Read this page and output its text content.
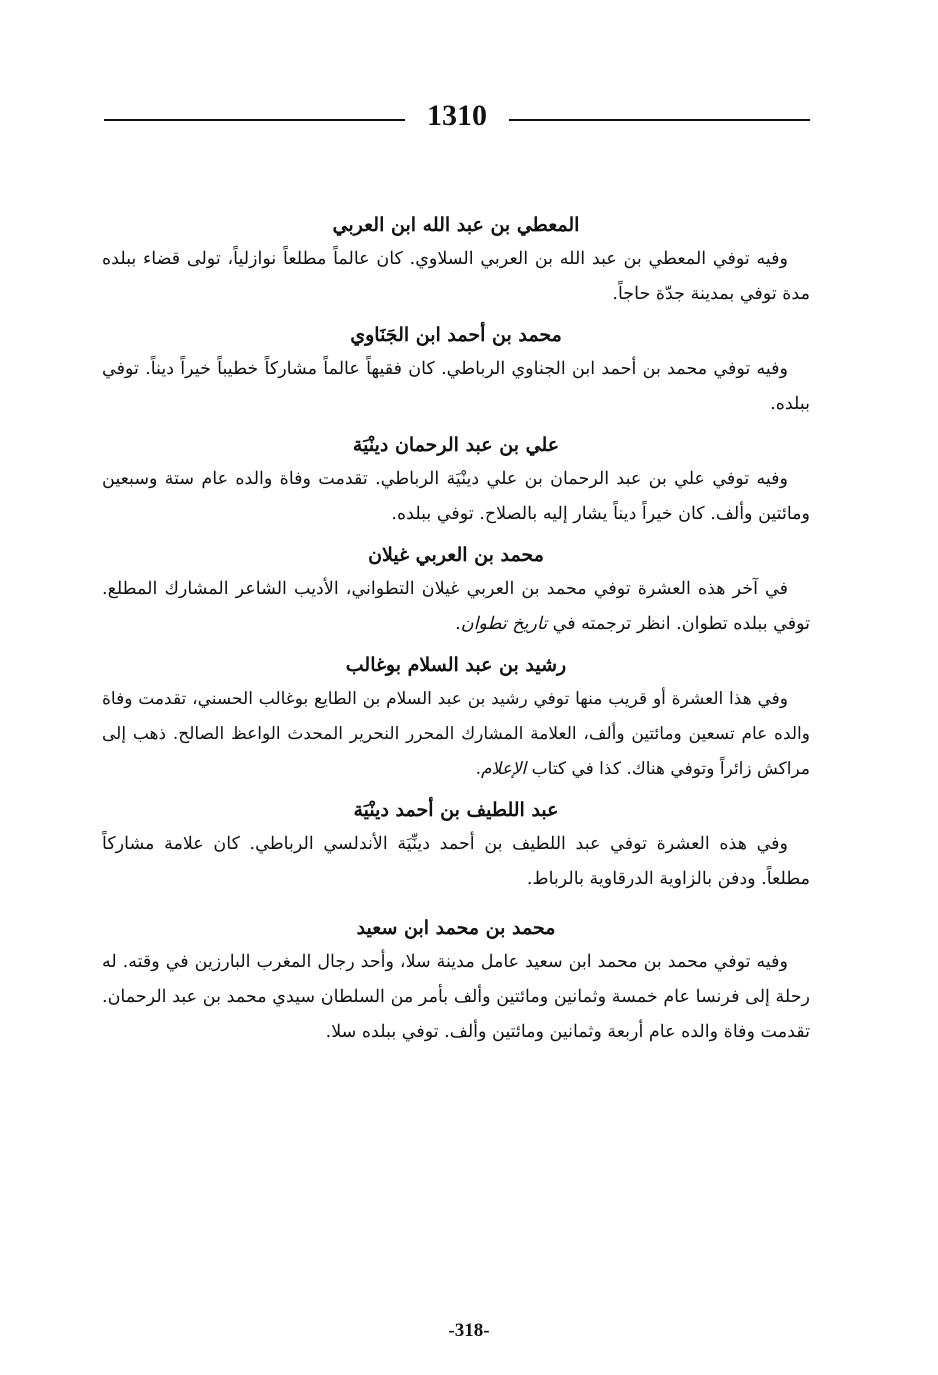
1310

المعطي بن عبد الله ابن العربي

وفيه توفي المعطي بن عبد الله بن العربي السلاوي. كان عالماً مطلعاً نوازلياً، تولى قضاء ببلده مدة توفي بمدينة جدّة حاجاً.

محمد بن أحمد ابن الجَنَاوي

وفيه توفي محمد بن أحمد ابن الجناوي الرباطي. كان فقيهاً عالماً مشاركاً خطيباً خيراً ديناً. توفي ببلده.

علي بن عبد الرحمان دينْيَة

وفيه توفي علي بن عبد الرحمان بن علي دينْيَة الرباطي. تقدمت وفاة والده عام ستة وسبعين ومائتين وألف. كان خيراً ديناً يشار إليه بالصلاح. توفي ببلده.

محمد بن العربي غيلان

في آخر هذه العشرة توفي محمد بن العربي غيلان التطواني، الأديب الشاعر المشارك المطلع. توفي ببلده تطوان. انظر ترجمته في تاريخ تطوان.

رشيد بن عبد السلام بوغالب

وفي هذا العشرة أو قريب منها توفي رشيد بن عبد السلام بن الطايع بوغالب الحسني، تقدمت وفاة والده عام تسعين ومائتين وألف، العلامة المشارك المحرر النحرير المحدث الواعظ الصالح. ذهب إلى مراكش زائراً وتوفي هناك. كذا في كتاب الإعلام.

عبد اللطيف بن أحمد دينْيَة

وفي هذه العشرة توفي عبد اللطيف بن أحمد دينِّيَة الأندلسي الرباطي. كان علامة مشاركاً مطلعاً. ودفن بالزاوية الدرقاوية بالرباط.

محمد بن محمد ابن سعيد

وفيه توفي محمد بن محمد ابن سعيد عامل مدينة سلا، وأحد رجال المغرب البارزين في وقته. له رحلة إلى فرنسا عام خمسة وثمانين ومائتين وألف بأمر من السلطان سيدي محمد بن عبد الرحمان. تقدمت وفاة والده عام أربعة وثمانين ومائتين وألف. توفي ببلده سلا.

-318-
